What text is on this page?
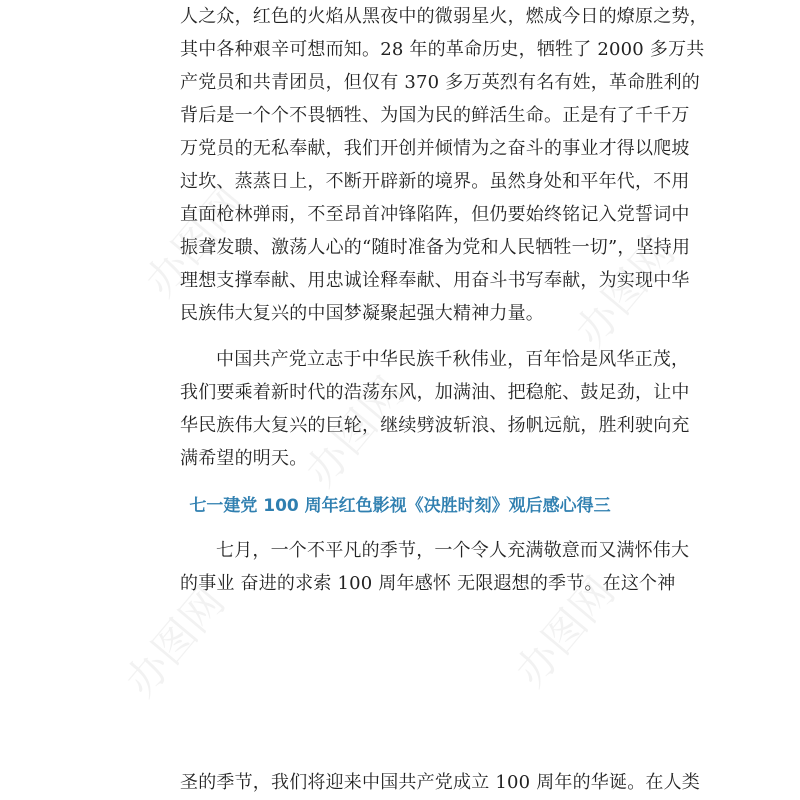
人之众，红色的火焰从黑夜中的微弱星火，燃成今日的燎原之势，
其中各种艰辛可想而知。28 年的革命历史，牺牲了 2000 多万共
产党员和共青团员，但仅有 370 多万英烈有名有姓，革命胜利的
背后是一个个不畏牺牲、为国为民的鲜活生命。正是有了千千万
万党员的无私奉献，我们开创并倾情为之奋斗的事业才得以爬坡
过坎、蒸蒸日上，不断开辟新的境界。虽然身处和平年代，不用
直面枪林弹雨，不至昂首冲锋陷阵，但仍要始终铭记入党誓词中
振聋发聩、激荡人心的“随时准备为党和人民牺牲一切”，坚持用
理想支撑奉献、用忠诚诠释奉献、用奋斗书写奉献，为实现中华
民族伟大复兴的中国梦凝聚起强大精神力量。
中国共产党立志于中华民族千秋伟业，百年恰是风华正茂，
我们要乘着新时代的浩荡东风，加满油、把稳舵、鼓足劲，让中
华民族伟大复兴的巨轮，继续劈波斩浪、扬帆远航，胜利驶向充
满希望的明天。
七一建党 100 周年红色影视《决胜时刻》观后感心得三
七月，一个不平凡的季节，一个令人充满敬意而又满怀伟大
的事业 奋进的求索 100 周年感怀 无限遐想的季节。在这个神
圣的季节，我们将迎来中国共产党成立 100 周年的华诞。在人类
办图网
办图网
办图网	办图网
办图网
